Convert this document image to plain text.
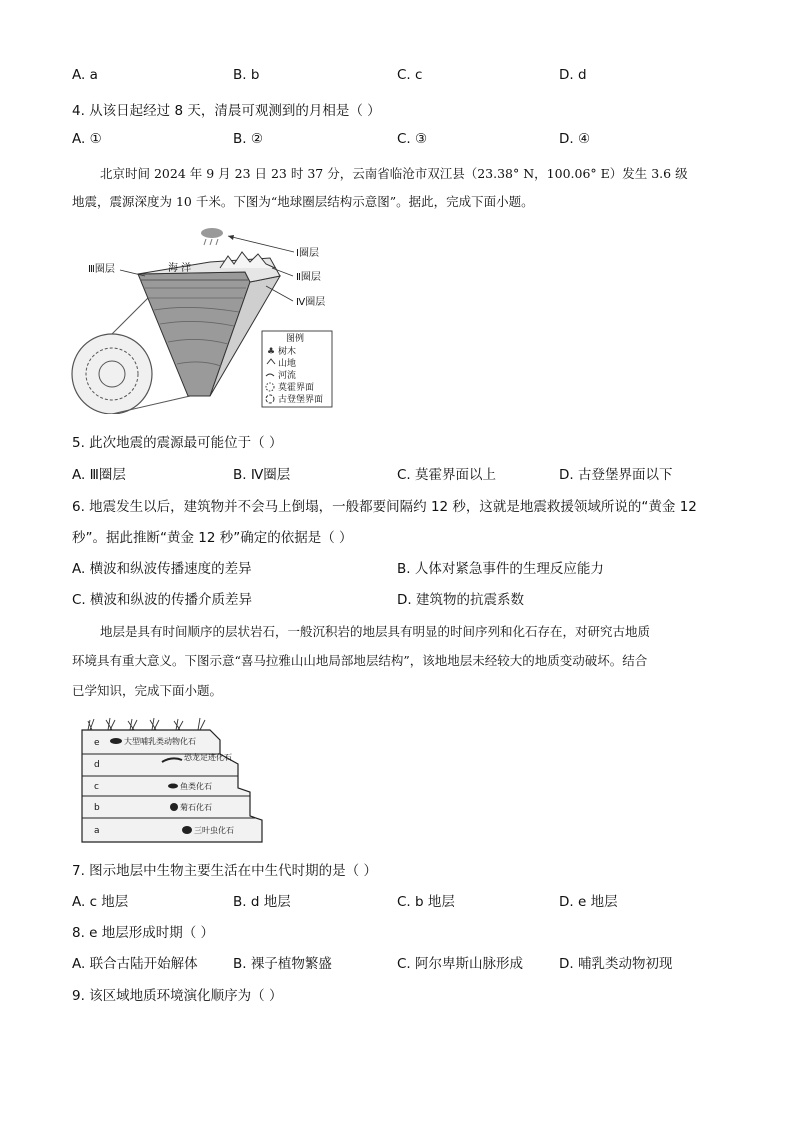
A. a	B. b	C. c	D. d
4. 从该日起经过 8 天，清晨可观测到的月相是（ ）
A. ①	B. ②	C. ③	D. ④
北京时间 2024 年 9 月 23 日 23 时 37 分，云南省临沧市双江县（23.38° N，100.06° E）发生 3.6 级
地震，震源深度为 10 千米。下图为“地球圈层结构示意图”。据此，完成下面小题。
海 洋
Ⅰ圈层
Ⅱ圈层
Ⅳ圈层
Ⅲ圈层
图例
♣ 树木
山地
河流
莫霍界面
古登堡界面
5. 此次地震的震源最可能位于（ ）
A. Ⅲ圈层	B. Ⅳ圈层	C. 莫霍界面以上	D. 古登堡界面以下
6. 地震发生以后，建筑物并不会马上倒塌，一般都要间隔约 12 秒，这就是地震救援领域所说的“黄金 12
秒”。据此推断“黄金 12 秒”确定的依据是（ ）
A. 横波和纵波传播速度的差异	B. 人体对紧急事件的生理反应能力
C. 横波和纵波的传播介质差异	D. 建筑物的抗震系数
地层是具有时间顺序的层状岩石，一般沉积岩的地层具有明显的时间序列和化石存在，对研究古地质
环境具有重大意义。下图示意“喜马拉雅山山地局部地层结构”，该地地层未经较大的地质变动破坏。结合
已学知识，完成下面小题。
e
d
c
b
a
大型哺乳类动物化石
恐龙足迹化石
鱼类化石
菊石化石
三叶虫化石
7. 图示地层中生物主要生活在中生代时期的是（ ）
A. c 地层	B. d 地层	C. b 地层	D. e 地层
8. e 地层形成时期（ ）
A. 联合古陆开始解体	B. 裸子植物繁盛	C. 阿尔卑斯山脉形成	D. 哺乳类动物初现
9. 该区域地质环境演化顺序为（ ）
